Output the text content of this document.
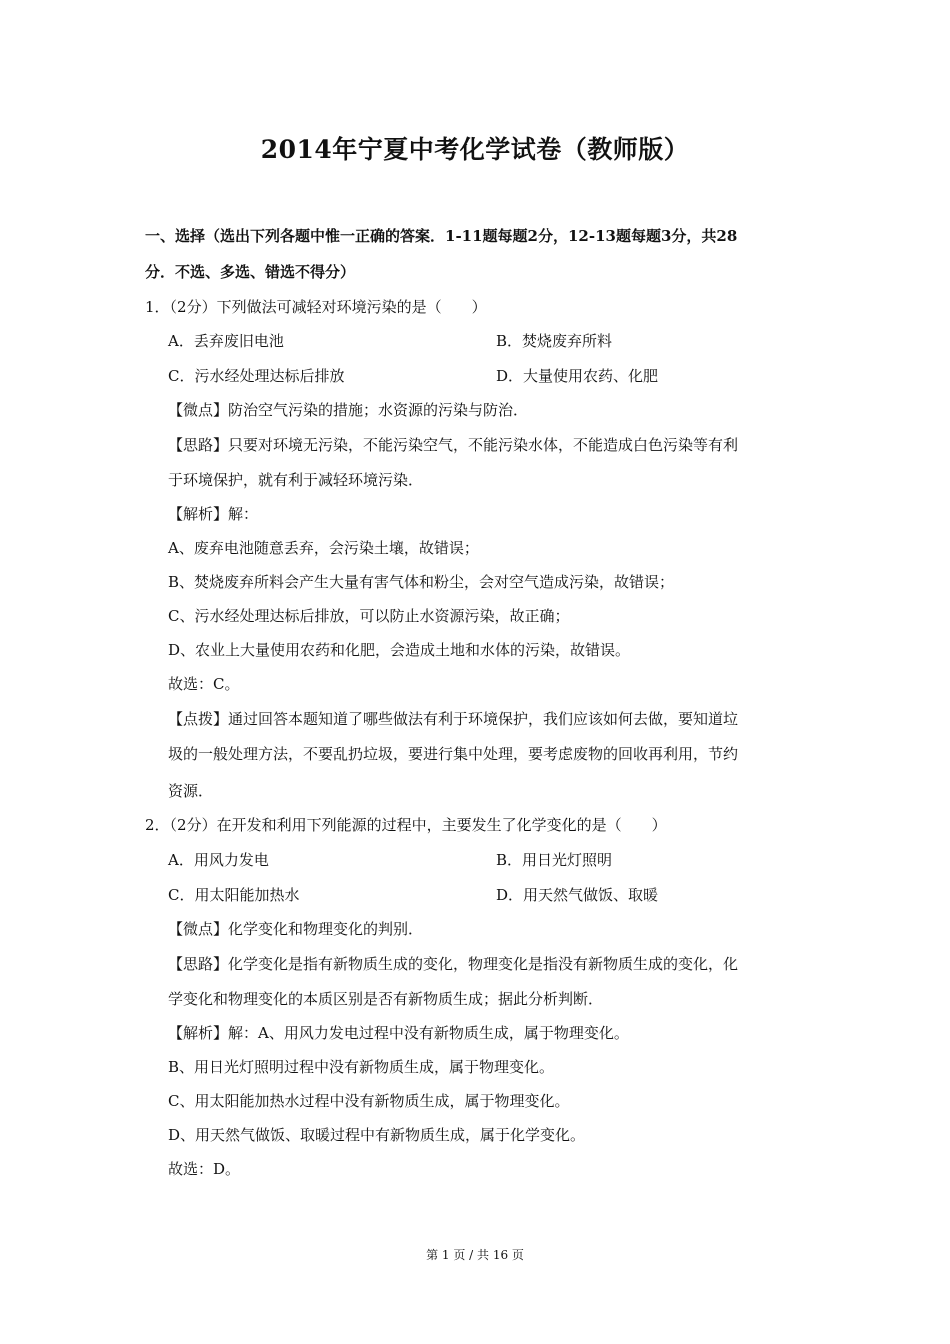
2014年宁夏中考化学试卷（教师版）
一、选择（选出下列各题中惟一正确的答案．1-11题每题2分，12-13题每题3分，共28
分．不选、多选、错选不得分）
1．（2分）下列做法可减轻对环境污染的是（　　）
A．丢弃废旧电池	B．焚烧废弃所料
C．污水经处理达标后排放	D．大量使用农药、化肥
【微点】防治空气污染的措施；水资源的污染与防治．
【思路】只要对环境无污染，不能污染空气，不能污染水体，不能造成白色污染等有利
于环境保护，就有利于减轻环境污染．
【解析】解：
A、废弃电池随意丢弃，会污染土壤，故错误；
B、焚烧废弃所料会产生大量有害气体和粉尘，会对空气造成污染，故错误；
C、污水经处理达标后排放，可以防止水资源污染，故正确；
D、农业上大量使用农药和化肥，会造成土地和水体的污染，故错误。
故选：C。
【点拨】通过回答本题知道了哪些做法有利于环境保护，我们应该如何去做，要知道垃
圾的一般处理方法，不要乱扔垃圾，要进行集中处理，要考虑废物的回收再利用，节约
资源．
2．（2分）在开发和利用下列能源的过程中，主要发生了化学变化的是（　　）
A．用风力发电	B．用日光灯照明
C．用太阳能加热水	D．用天然气做饭、取暖
【微点】化学变化和物理变化的判别．
【思路】化学变化是指有新物质生成的变化，物理变化是指没有新物质生成的变化，化
学变化和物理变化的本质区别是否有新物质生成；据此分析判断．
【解析】解：A、用风力发电过程中没有新物质生成，属于物理变化。
B、用日光灯照明过程中没有新物质生成，属于物理变化。
C、用太阳能加热水过程中没有新物质生成，属于物理变化。
D、用天然气做饭、取暖过程中有新物质生成，属于化学变化。
故选：D。
第 1 页 / 共 16 页
